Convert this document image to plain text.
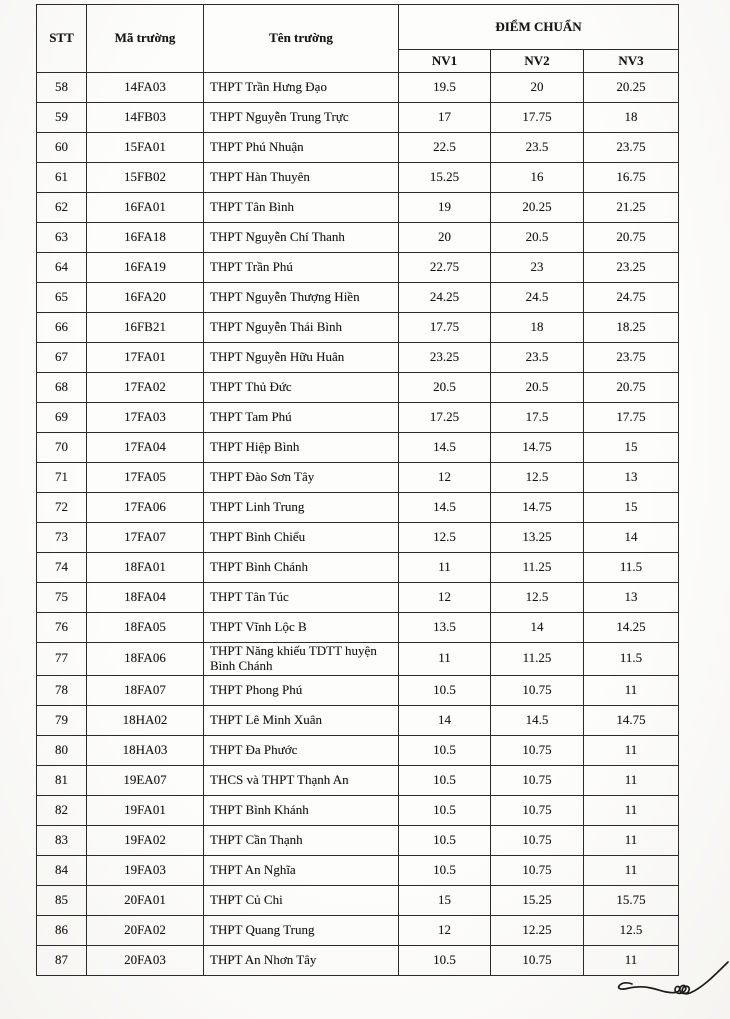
STT	Mã trường	Tên trường	ĐIỂM CHUẨN		
			NV1	NV2	NV3
58	14FA03	THPT Trần Hưng Đạo	19.5	20	20.25
59	14FB03	THPT Nguyễn Trung Trực	17	17.75	18
60	15FA01	THPT Phú Nhuận	22.5	23.5	23.75
61	15FB02	THPT Hàn Thuyên	15.25	16	16.75
62	16FA01	THPT Tân Bình	19	20.25	21.25
63	16FA18	THPT Nguyễn Chí Thanh	20	20.5	20.75
64	16FA19	THPT Trần Phú	22.75	23	23.25
65	16FA20	THPT Nguyễn Thượng Hiền	24.25	24.5	24.75
66	16FB21	THPT Nguyễn Thái Bình	17.75	18	18.25
67	17FA01	THPT Nguyễn Hữu Huân	23.25	23.5	23.75
68	17FA02	THPT Thủ Đức	20.5	20.5	20.75
69	17FA03	THPT Tam Phú	17.25	17.5	17.75
70	17FA04	THPT Hiệp Bình	14.5	14.75	15
71	17FA05	THPT Đào Sơn Tây	12	12.5	13
72	17FA06	THPT Linh Trung	14.5	14.75	15
73	17FA07	THPT Bình Chiểu	12.5	13.25	14
74	18FA01	THPT Bình Chánh	11	11.25	11.5
75	18FA04	THPT Tân Túc	12	12.5	13
76	18FA05	THPT Vĩnh Lộc B	13.5	14	14.25
77	18FA06	THPT Năng khiếu TDTT huyện Bình Chánh	11	11.25	11.5
78	18FA07	THPT Phong Phú	10.5	10.75	11
79	18HA02	THPT Lê Minh Xuân	14	14.5	14.75
80	18HA03	THPT Đa Phước	10.5	10.75	11
81	19EA07	THCS và THPT Thạnh An	10.5	10.75	11
82	19FA01	THPT Bình Khánh	10.5	10.75	11
83	19FA02	THPT Cần Thạnh	10.5	10.75	11
84	19FA03	THPT An Nghĩa	10.5	10.75	11
85	20FA01	THPT Củ Chi	15	15.25	15.75
86	20FA02	THPT Quang Trung	12	12.25	12.5
87	20FA03	THPT An Nhơn Tây	10.5	10.75	11
